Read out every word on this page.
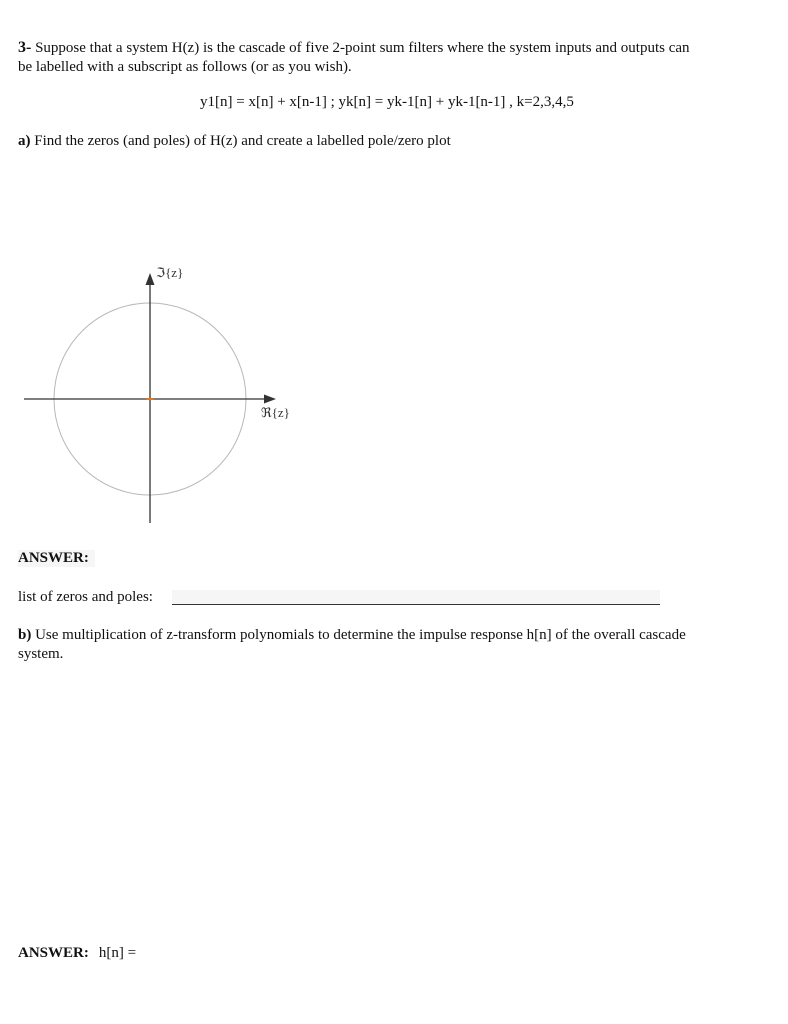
3- Suppose that a system H(z) is the cascade of five 2-point sum filters where the system inputs and outputs can
be labelled with a subscript as follows (or as you wish).
y1[n] = x[n] + x[n-1] ; yk[n] = yk-1[n] + yk-1[n-1] , k=2,3,4,5
a) Find the zeros (and poles) of H(z) and create a labelled pole/zero plot
ℑ{z}
ℜ{z}
ANSWER:
list of zeros and poles:
b) Use multiplication of z-transform polynomials to determine the impulse response h[n] of the overall cascade
system.
ANSWER: h[n] =
